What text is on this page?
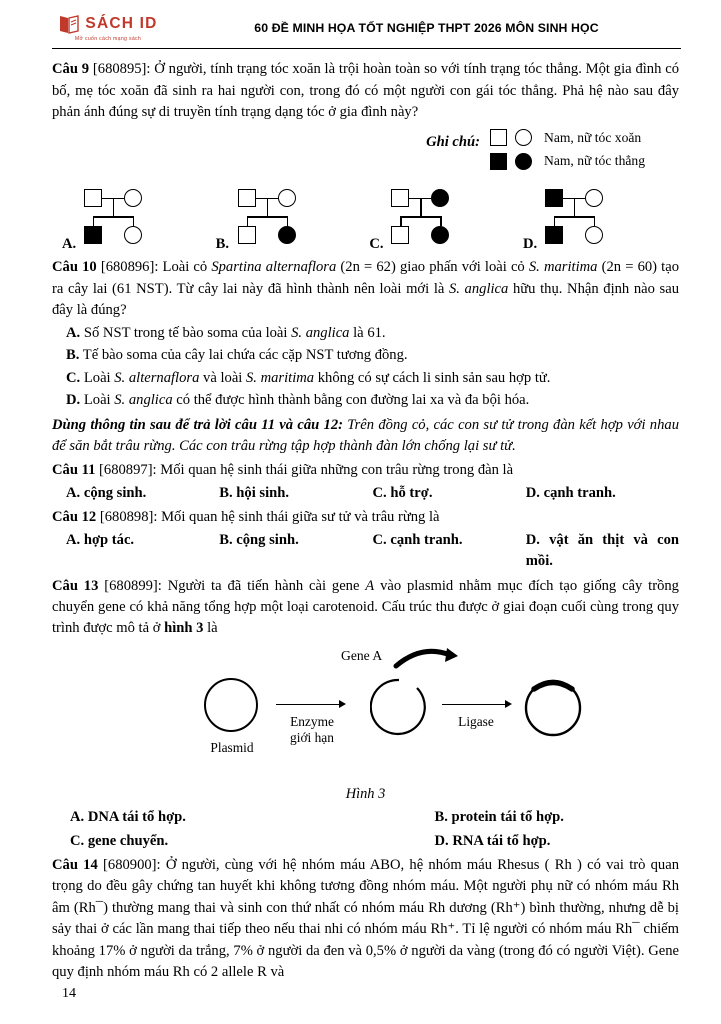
SÁCH ID
Mở cuốn cách mạng sách
60 ĐỀ MINH HỌA TỐT NGHIỆP THPT 2026 MÔN SINH HỌC

Câu 9 [680895]: Ở người, tính trạng tóc xoăn là trội hoàn toàn so với tính trạng tóc thẳng. Một gia đình có bố, mẹ tóc xoăn đã sinh ra hai người con, trong đó có một người con gái tóc thẳng. Phả hệ nào sau đây phản ánh đúng sự di truyền tính trạng dạng tóc ở gia đình này?

Ghi chú:	Nam, nữ tóc xoăn
Nam, nữ tóc thẳng
A.	B.	C.	D.

Câu 10 [680896]: Loài cỏ Spartina alternaflora (2n = 62) giao phấn với loài cỏ S. maritima (2n = 60) tạo ra cây lai (61 NST). Từ cây lai này đã hình thành nên loài mới là S. anglica hữu thụ. Nhận định nào sau đây là đúng?

A. Số NST trong tế bào soma của loài S. anglica là 61.

B. Tế bào soma của cây lai chứa các cặp NST tương đồng.

C. Loài S. alternaflora và loài S. maritima không có sự cách li sinh sản sau hợp tử.

D. Loài S. anglica có thể được hình thành bằng con đường lai xa và đa bội hóa.

Dùng thông tin sau để trả lời câu 11 và câu 12: Trên đồng cỏ, các con sư tử trong đàn kết hợp với nhau để săn bắt trâu rừng. Các con trâu rừng tập hợp thành đàn lớn chống lại sư tử.

Câu 11 [680897]: Mối quan hệ sinh thái giữa những con trâu rừng trong đàn là

A. cộng sinh.	B. hội sinh.	C. hỗ trợ.	D. cạnh tranh.

Câu 12 [680898]: Mối quan hệ sinh thái giữa sư tử và trâu rừng là

A. hợp tác.	B. cộng sinh.	C. cạnh tranh.	D. vật ăn thịt và con mồi.

Câu 13 [680899]: Người ta đã tiến hành cài gene A vào plasmid nhằm mục đích tạo giống cây trồng chuyển gene có khả năng tổng hợp một loại carotenoid. Cấu trúc thu được ở giai đoạn cuối cùng trong quy trình được mô tả ở hình 3 là

Plasmid
Enzyme
giới hạn
Gene A
Ligase
Hình 3
A. DNA tái tổ hợp.	B. protein tái tổ hợp.
C. gene chuyển.	D. RNA tái tổ hợp.

Câu 14 [680900]: Ở người, cùng với hệ nhóm máu ABO, hệ nhóm máu Rhesus ( Rh ) có vai trò quan trọng do đều gây chứng tan huyết khi không tương đồng nhóm máu. Một người phụ nữ có nhóm máu Rh âm (Rh¯) thường mang thai và sinh con thứ nhất có nhóm máu Rh dương (Rh⁺) bình thường, nhưng dễ bị sảy thai ở các lần mang thai tiếp theo nếu thai nhi có nhóm máu Rh⁺. Tỉ lệ người có nhóm máu Rh¯ chiếm khoảng 17% ở người da trắng, 7% ở người da đen và 0,5% ở người da vàng (trong đó có người Việt). Gene quy định nhóm máu Rh có 2 allele R và

14
